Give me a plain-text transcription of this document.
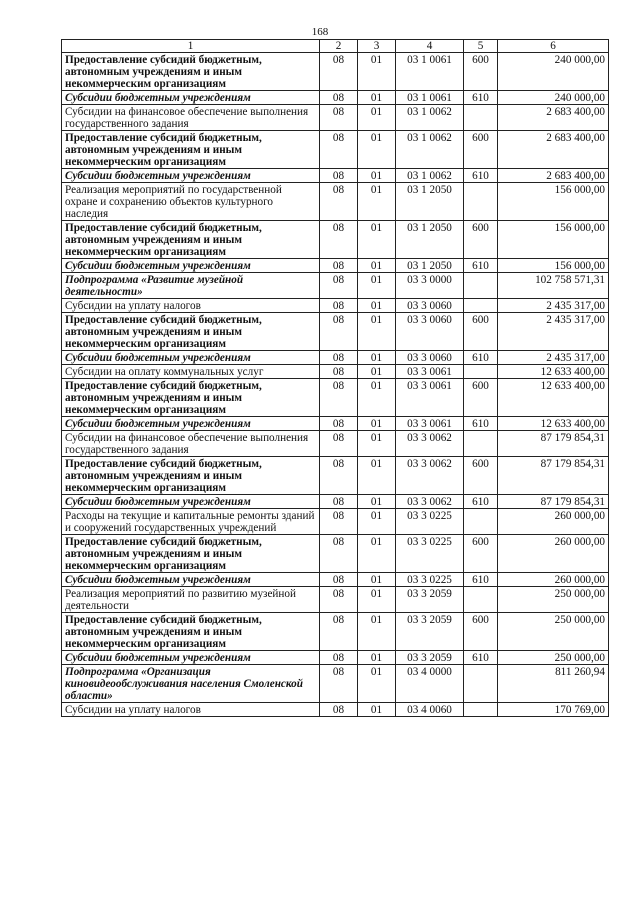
168
1	2	3	4	5	6
Предоставление субсидий бюджетным, автономным учреждениям и иным некоммерческим организациям	08	01	03 1 0061	600	240 000,00
Субсидии бюджетным учреждениям	08	01	03 1 0061	610	240 000,00
Субсидии на финансовое обеспечение выполнения государственного задания	08	01	03 1 0062		2 683 400,00
Предоставление субсидий бюджетным, автономным учреждениям и иным некоммерческим организациям	08	01	03 1 0062	600	2 683 400,00
Субсидии бюджетным учреждениям	08	01	03 1 0062	610	2 683 400,00
Реализация мероприятий по государственной охране и сохранению объектов культурного наследия	08	01	03 1 2050		156 000,00
Предоставление субсидий бюджетным, автономным учреждениям и иным некоммерческим организациям	08	01	03 1 2050	600	156 000,00
Субсидии бюджетным учреждениям	08	01	03 1 2050	610	156 000,00
Подпрограмма «Развитие музейной деятельности»	08	01	03 3 0000		102 758 571,31
Субсидии на уплату налогов	08	01	03 3 0060		2 435 317,00
Предоставление субсидий бюджетным, автономным учреждениям и иным некоммерческим организациям	08	01	03 3 0060	600	2 435 317,00
Субсидии бюджетным учреждениям	08	01	03 3 0060	610	2 435 317,00
Субсидии на оплату коммунальных услуг	08	01	03 3 0061		12 633 400,00
Предоставление субсидий бюджетным, автономным учреждениям и иным некоммерческим организациям	08	01	03 3 0061	600	12 633 400,00
Субсидии бюджетным учреждениям	08	01	03 3 0061	610	12 633 400,00
Субсидии на финансовое обеспечение выполнения государственного задания	08	01	03 3 0062		87 179 854,31
Предоставление субсидий бюджетным, автономным учреждениям и иным некоммерческим организациям	08	01	03 3 0062	600	87 179 854,31
Субсидии бюджетным учреждениям	08	01	03 3 0062	610	87 179 854,31
Расходы на текущие и капитальные ремонты зданий и сооружений государственных учреждений	08	01	03 3 0225		260 000,00
Предоставление субсидий бюджетным, автономным учреждениям и иным некоммерческим организациям	08	01	03 3 0225	600	260 000,00
Субсидии бюджетным учреждениям	08	01	03 3 0225	610	260 000,00
Реализация мероприятий по развитию музейной деятельности	08	01	03 3 2059		250 000,00
Предоставление субсидий бюджетным, автономным учреждениям и иным некоммерческим организациям	08	01	03 3 2059	600	250 000,00
Субсидии бюджетным учреждениям	08	01	03 3 2059	610	250 000,00
Подпрограмма «Организация киновидеообслуживания населения Смоленской области»	08	01	03 4 0000		811 260,94
Субсидии на уплату налогов	08	01	03 4 0060		170 769,00
